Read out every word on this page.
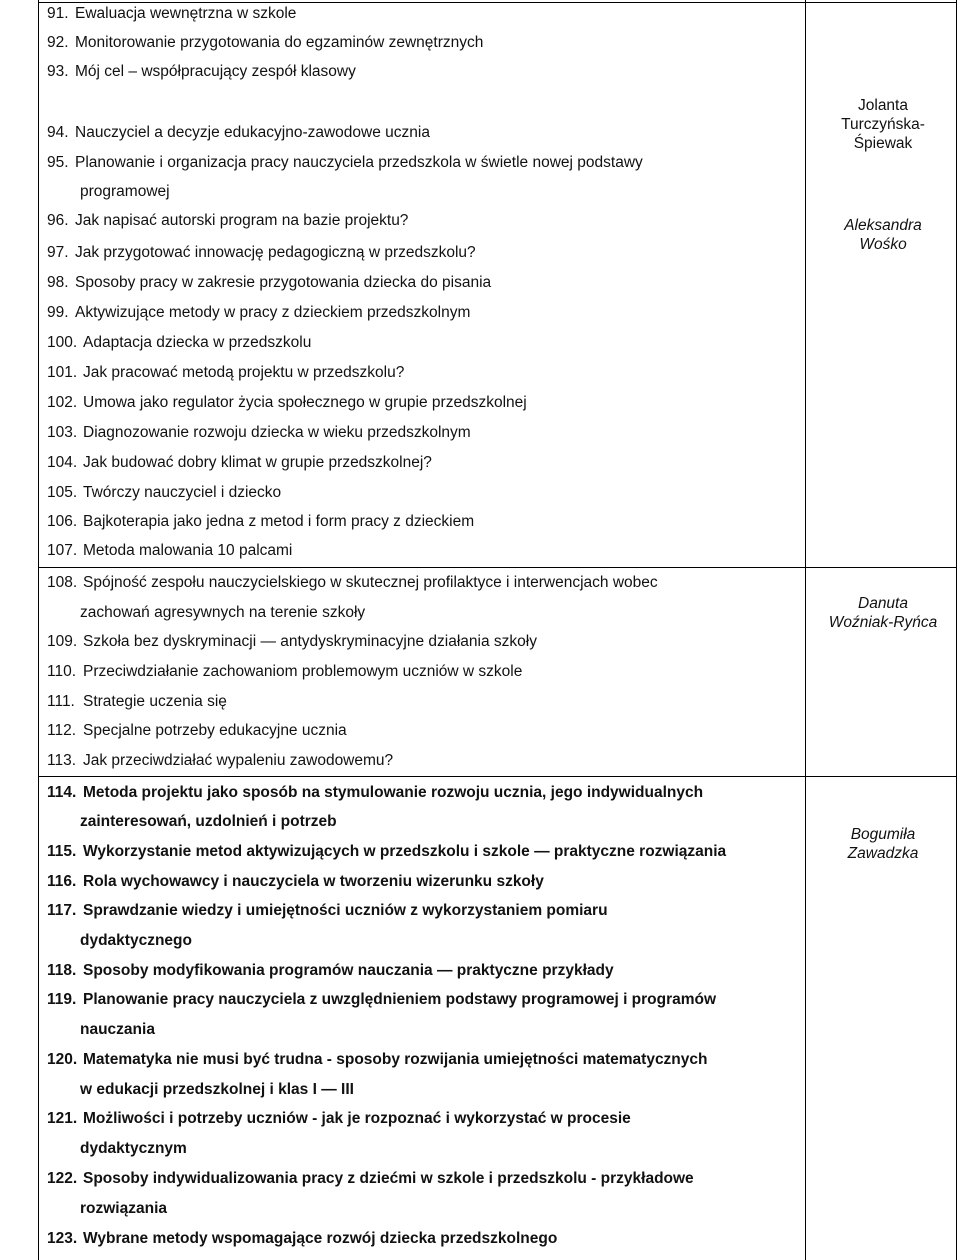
91. Ewaluacja wewnętrzna w szkole
92. Monitorowanie przygotowania do egzaminów zewnętrznych
93. Mój cel – współpracujący zespół klasowy
94. Nauczyciel a decyzje edukacyjno-zawodowe ucznia
95. Planowanie i organizacja pracy nauczyciela przedszkola w świetle nowej podstawy
programowej
96. Jak napisać autorski program na bazie projektu?
97. Jak przygotować innowację pedagogiczną w przedszkolu?
98. Sposoby pracy w zakresie przygotowania dziecka do pisania
99. Aktywizujące metody w pracy z dzieckiem przedszkolnym
100. Adaptacja dziecka w przedszkolu
101. Jak pracować metodą projektu w przedszkolu?
102. Umowa jako regulator życia społecznego w grupie przedszkolnej
103. Diagnozowanie rozwoju dziecka w wieku przedszkolnym
104. Jak budować dobry klimat w grupie przedszkolnej?
105. Twórczy nauczyciel i dziecko
106. Bajkoterapia jako jedna z metod i form pracy z dzieckiem
107. Metoda malowania 10 palcami
108. Spójność zespołu nauczycielskiego w skutecznej profilaktyce i interwencjach wobec
zachowań agresywnych na terenie szkoły
109. Szkoła bez dyskryminacji — antydyskryminacyjne działania szkoły
110. Przeciwdziałanie zachowaniom problemowym uczniów w szkole
111. Strategie uczenia się
112. Specjalne potrzeby edukacyjne ucznia
113. Jak przeciwdziałać wypaleniu zawodowemu?
114. Metoda projektu jako sposób na stymulowanie rozwoju ucznia, jego indywidualnych
zainteresowań, uzdolnień i potrzeb
115. Wykorzystanie metod aktywizujących w przedszkolu i szkole — praktyczne rozwiązania
116. Rola wychowawcy i nauczyciela w tworzeniu wizerunku szkoły
117. Sprawdzanie wiedzy i umiejętności uczniów z wykorzystaniem pomiaru
dydaktycznego
118. Sposoby modyfikowania programów nauczania — praktyczne przykłady
119. Planowanie pracy nauczyciela z uwzględnieniem podstawy programowej i programów
nauczania
120. Matematyka nie musi być trudna - sposoby rozwijania umiejętności matematycznych
w edukacji przedszkolnej i klas I — III
121. Możliwości i potrzeby uczniów - jak je rozpoznać i wykorzystać w procesie
dydaktycznym
122. Sposoby indywidualizowania pracy z dziećmi w szkole i przedszkolu - przykładowe
rozwiązania
123. Wybrane metody wspomagające rozwój dziecka przedszkolnego
Jolanta
Turczyńska-
Śpiewak
Aleksandra
Wośko
Danuta
Woźniak-Ryńca
Bogumiła
Zawadzka
